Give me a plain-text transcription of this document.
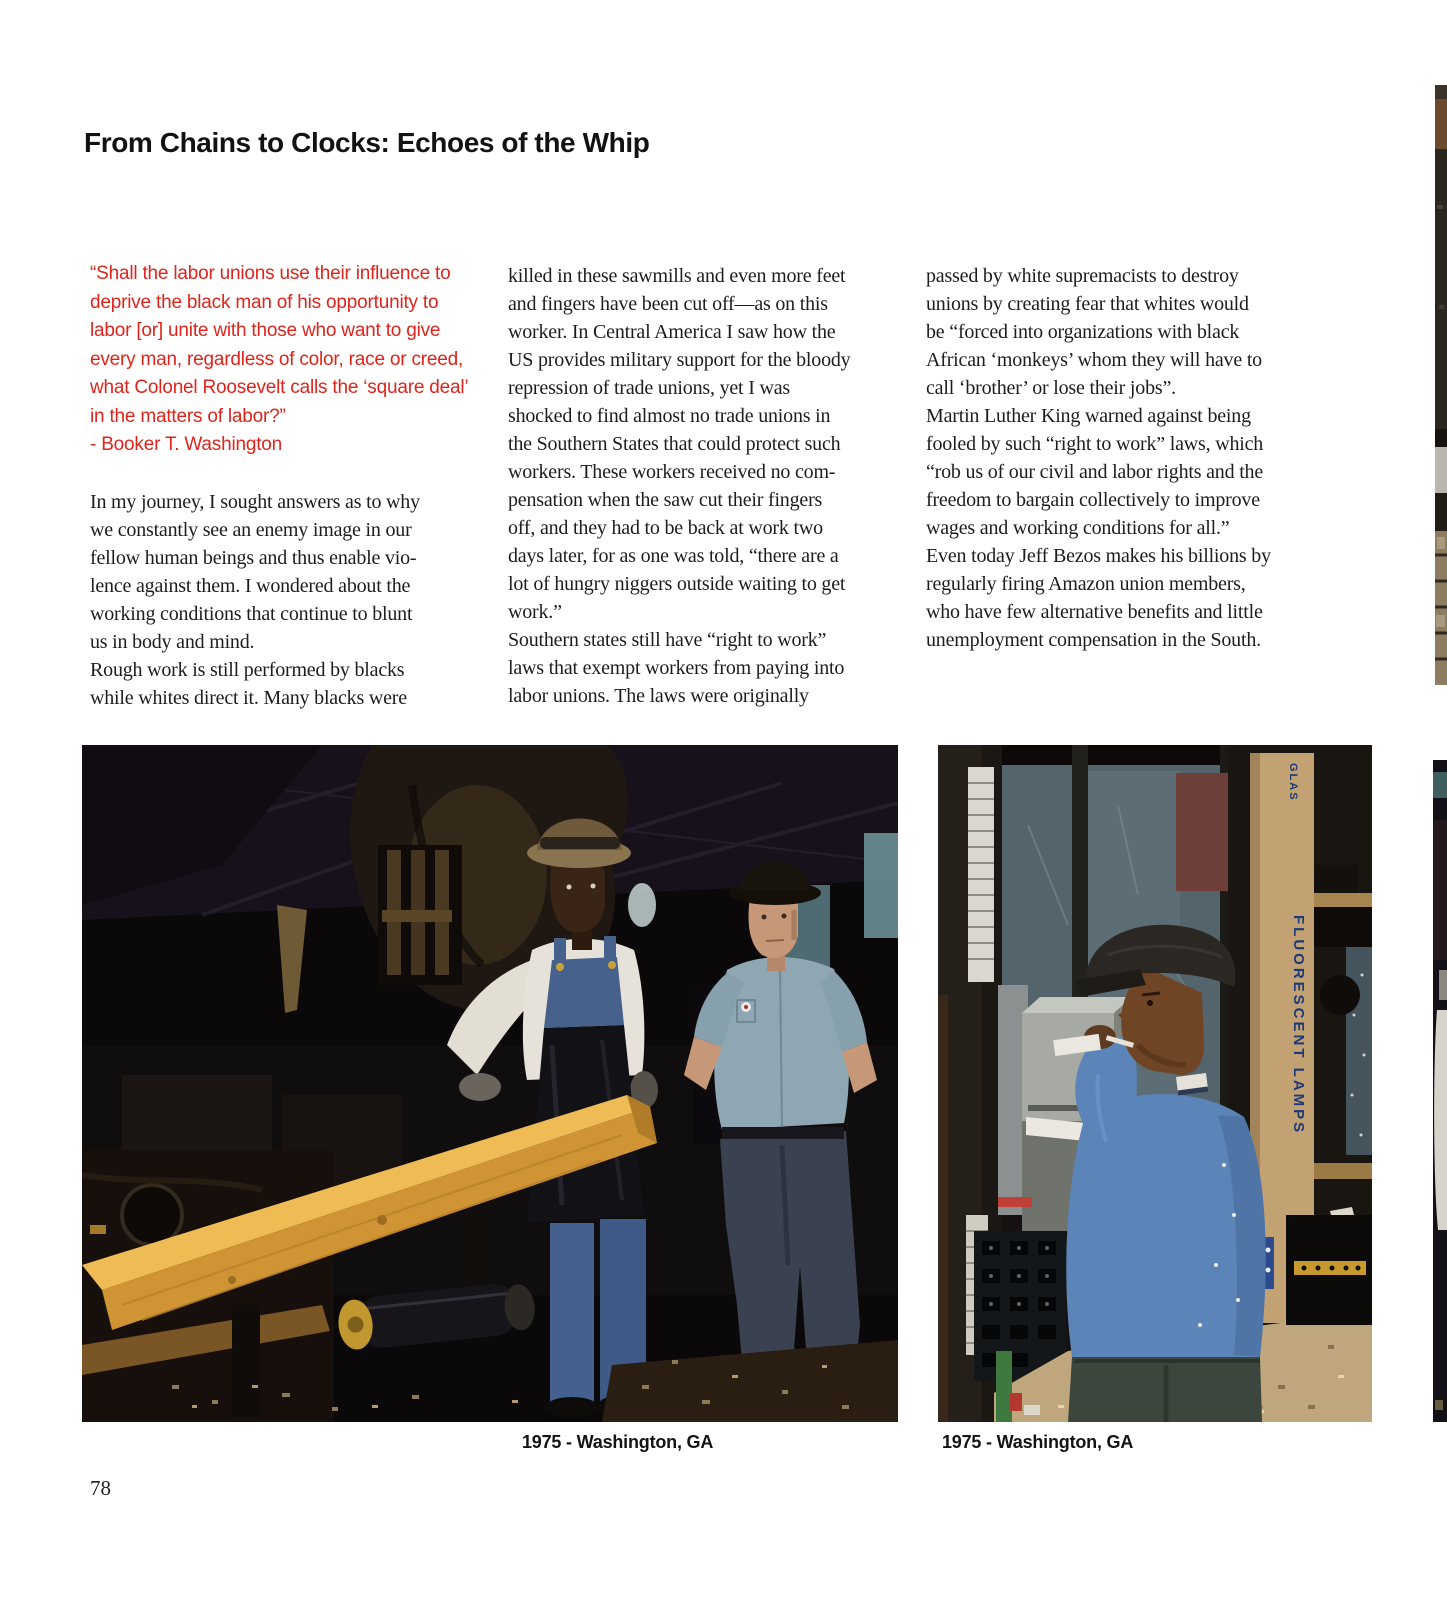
From Chains to Clocks: Echoes of the Whip
“Shall the labor unions use their influence to
deprive the black man of his opportunity to
labor [or] unite with those who want to give
every man, regardless of color, race or creed,
what Colonel Roosevelt calls the ‘square deal’
in the matters of labor?”
- Booker T. Washington
In my journey, I sought answers as to why
we constantly see an enemy image in our
fellow human beings and thus enable vio-
lence against them. I wondered about the
working conditions that continue to blunt
us in body and mind.
Rough work is still performed by blacks
while whites direct it. Many blacks were
killed in these sawmills and even more feet
and fingers have been cut off—as on this
worker. In Central America I saw how the
US provides military support for the bloody
repression of trade unions, yet I was
shocked to find almost no trade unions in
the Southern States that could protect such
workers. These workers received no com-
pensation when the saw cut their fingers
off, and they had to be back at work two
days later, for as one was told, “there are a
lot of hungry niggers outside waiting to get
work.”
Southern states still have “right to work”
laws that exempt workers from paying into
labor unions. The laws were originally
passed by white supremacists to destroy
unions by creating fear that whites would
be “forced into organizations with black
African ‘monkeys’ whom they will have to
call ‘brother’ or lose their jobs”.
Martin Luther King warned against being
fooled by such “right to work” laws, which
“rob us of our civil and labor rights and the
freedom to bargain collectively to improve
wages and working conditions for all.”
Even today Jeff Bezos makes his billions by
regularly firing Amazon union members,
who have few alternative benefits and little
unemployment compensation in the South.
FLUORESCENT LAMPS
GLAS
1975 - Washington, GA	1975 - Washington, GA
78
